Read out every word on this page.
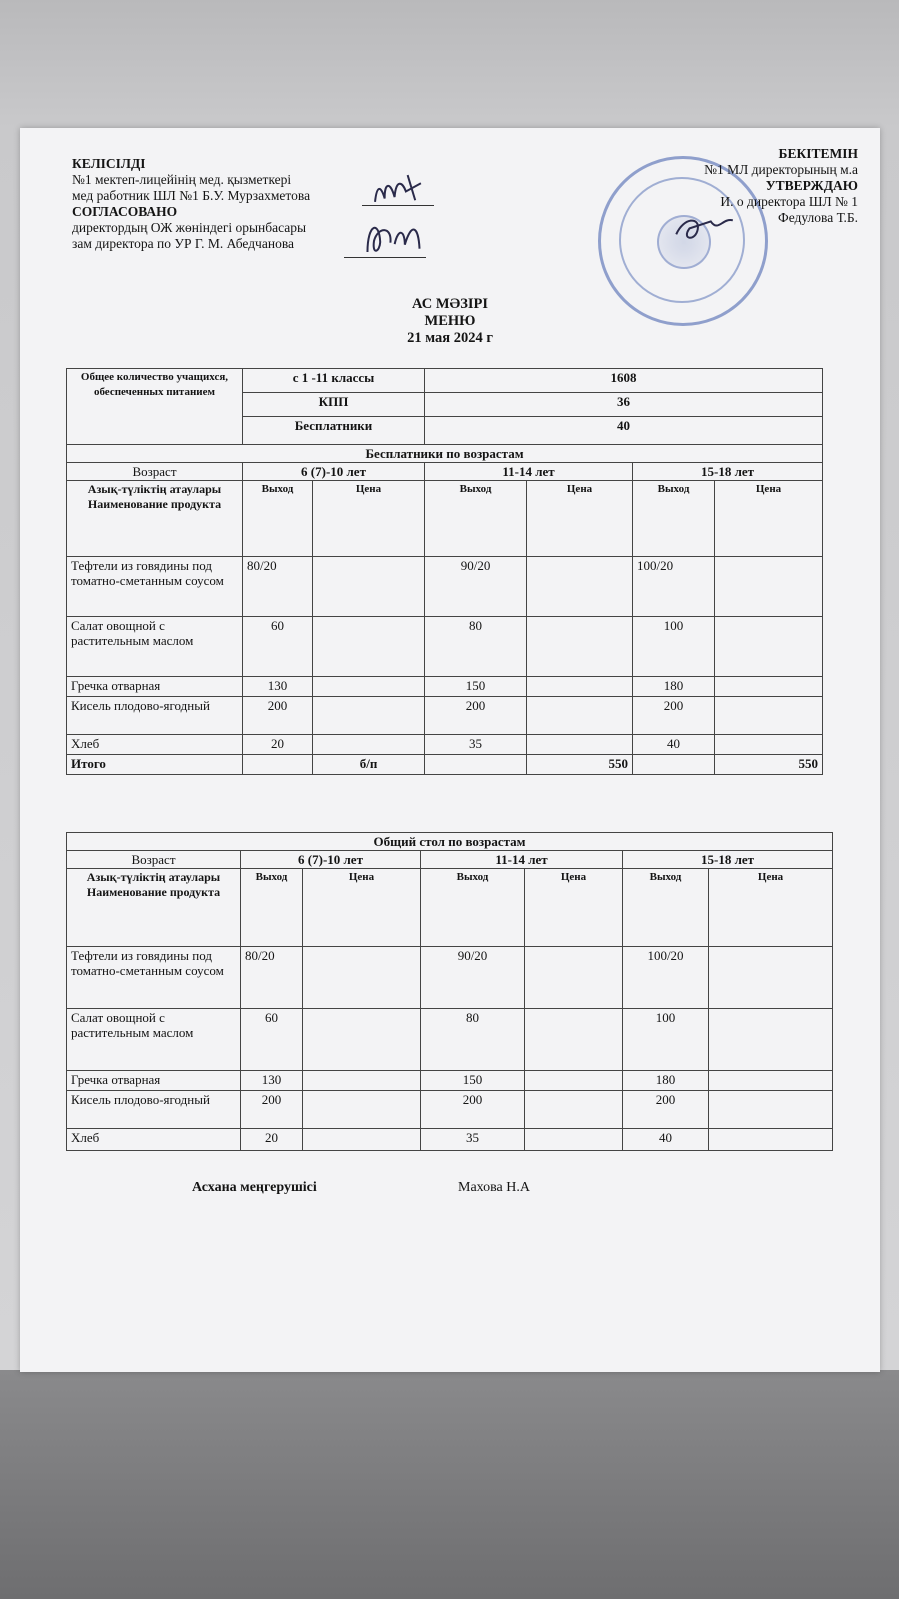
КЕЛІСІЛДІ
№1 мектеп-лицейінің мед. қызметкері
мед работник ШЛ №1 Б.У. Мурзахметова
СОГЛАСОВАНО
директордың ОЖ жөніндегі орынбасары
зам директора по УР Г. М. Абедчанова
БЕКІТЕМІН
№1 МЛ директорының м.а
УТВЕРЖДАЮ
И. о директора ШЛ № 1
Федулова Т.Б.
АС МӘЗІРІ
МЕНЮ
21 мая 2024 г
Общее количество учащихся, обеспеченных питанием	с 1 -11 классы		1608			
	КПП		36			
	Бесплатники		40			
Бесплатники по возрастам						
Возраст	6 (7)-10 лет		11-14 лет		15-18 лет	
Азық-түліктің атаулары Наименование продукта	Выход	Цена	Выход	Цена	Выход	Цена
Тефтели из говядины под томатно-сметанным соусом	80/20		90/20		100/20	
Салат овощной с растительным маслом	60		80		100	
Гречка отварная	130		150		180	
Кисель плодово-ягодный	200		200		200	
Хлеб	20		35		40	
Итого		б/п		550		550
Общий стол по возрастам						
Возраст	6 (7)-10 лет		11-14 лет		15-18 лет	
Азық-түліктің атаулары Наименование продукта	Выход	Цена	Выход	Цена	Выход	Цена
Тефтели из говядины под томатно-сметанным соусом	80/20		90/20		100/20	
Салат овощной с растительным маслом	60		80		100	
Гречка отварная	130		150		180	
Кисель плодово-ягодный	200		200		200	
Хлеб	20		35		40	
Асхана меңгерушісі	Махова Н.А
